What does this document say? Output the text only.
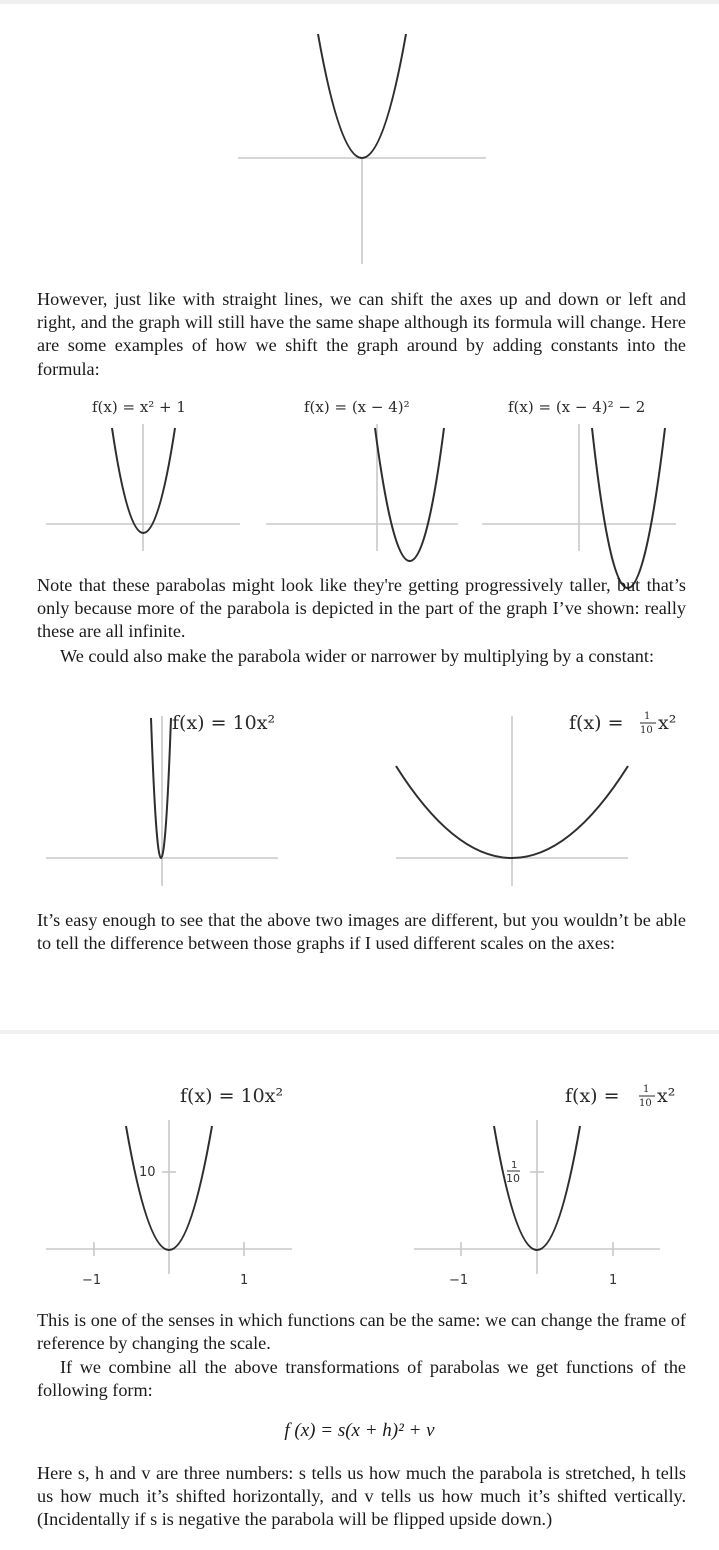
However, just like with straight lines, we can shift the axes up and down or left and right, and the graph will still have the same shape although its formula will change. Here are some examples of how we shift the graph around by adding constants into the formula:

f(x) = x² + 1	f(x) = (x − 4)²	f(x) = (x − 4)² − 2

Note that these parabolas might look like they're getting progressively taller, but that’s only because more of the parabola is depicted in the part of the graph I’ve shown: really these are all infinite.

We could also make the parabola wider or narrower by multiplying by a constant:

f(x) = 10x²	f(x) = 1
10 x²

It’s easy enough to see that the above two images are different, but you wouldn’t be able to tell the difference between those graphs if I used different scales on the axes:

f(x) = 10x²
−1	1
10
f(x) = 1
10 x²
−1	1
1
10

This is one of the senses in which functions can be the same: we can change the frame of reference by changing the scale.

If we combine all the above transformations of parabolas we get functions of the following form:

f (x) = s(x + h)² + v

Here s, h and v are three numbers: s tells us how much the parabola is stretched, h tells us how much it’s shifted horizontally, and v tells us how much it’s shifted vertically. (Incidentally if s is negative the parabola will be flipped upside down.)
